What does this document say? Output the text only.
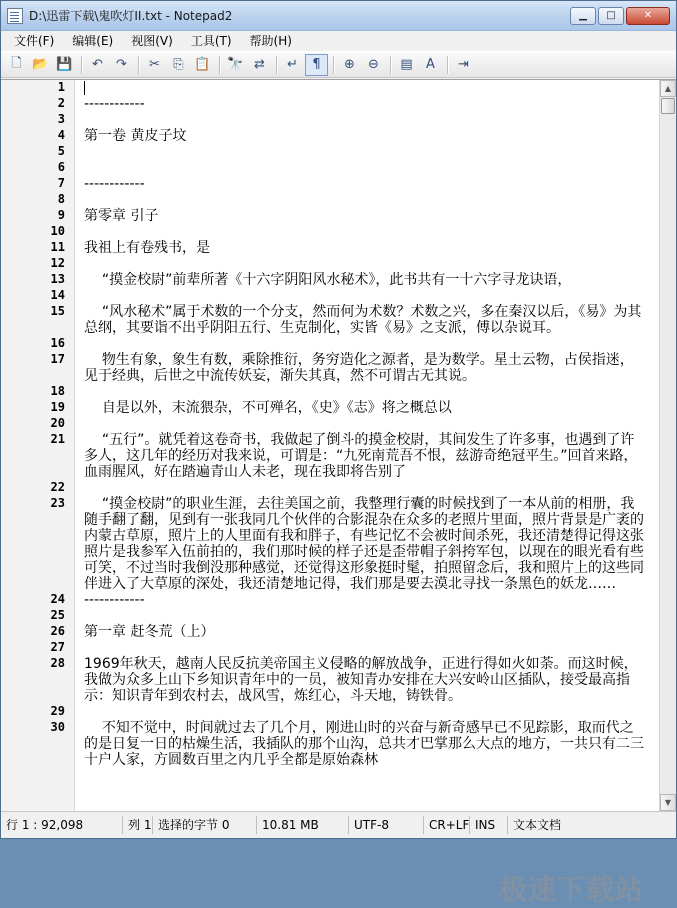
D:\迅雷下载\鬼吹灯II.txt - Notepad2	▁	□	✕
文件(F)	编辑(E)	视图(V)	工具(T)	帮助(H)
🗋 📂 💾	↶	↷	✂	⎘ 📋 🔭 ⇄	↵	¶	⊕	⊖	▤	A	⇥
1
2 ------------
3
4 第一卷 黄皮子坟
5
6
7 ------------
8
9 第零章 引子
10
11 我祖上有卷残书，是
12
13 “摸金校尉”前辈所著《十六字阴阳风水秘术》，此书共有一十六字寻龙诀语，
14
15 “风水秘术”属于术数的一个分支，然而何为术数？术数之兴，多在秦汉以后，《易》为其总纲，其要诣不出乎阴阳五行、生克制化，实皆《易》之支派，傅以杂说耳。
16
17 物生有象，象生有数，乘除推衍，务穷造化之源者，是为数学。星土云物，占侯指迷，见于经典，后世之中流传妖妄，渐失其真，然不可谓古无其说。
18
19 自是以外，末流猥杂，不可殚名，《史》《志》将之概总以
20
21 “五行”。就凭着这卷奇书，我做起了倒斗的摸金校尉，其间发生了许多事，也遇到了许多人，这几年的经历对我来说，可谓是：“九死南荒吾不恨，兹游奇绝冠平生。”回首来路，血雨腥风，好在踏遍青山人未老，现在我即将告别了
22
23 “摸金校尉”的职业生涯，去往美国之前，我整理行囊的时候找到了一本从前的相册，我随手翻了翻，见到有一张我同几个伙伴的合影混杂在众多的老照片里面，照片背景是广袤的内蒙古草原，照片上的人里面有我和胖子，有些记忆不会被时间杀死，我还清楚得记得这张照片是我参军入伍前拍的，我们那时候的样子还是歪带帽子斜挎军包，以现在的眼光看有些可笑，不过当时我倒没那种感觉，还觉得这形象挺时髦，拍照留念后，我和照片上的这些同伴进入了大草原的深处，我还清楚地记得，我们那是要去漠北寻找一条黑色的妖龙……
24 ------------
25
26 第一章 赶冬荒（上）
27
28 1969年秋天，越南人民反抗美帝国主义侵略的解放战争，正进行得如火如荼。而这时候，我做为众多上山下乡知识青年中的一员，被知青办安排在大兴安岭山区插队，接受最高指示：知识青年到农村去，战风雪，炼红心，斗天地，铸铁骨。
29
30 不知不觉中，时间就过去了几个月，刚进山时的兴奋与新奇感早已不见踪影，取而代之的是日复一日的枯燥生活，我插队的那个山沟，总共才巴掌那么大点的地方，一共只有二三十户人家，方圆数百里之内几乎全都是原始森林
▲
▼
极速下载站
行 1 : 92,098	列 1 选择的字节 0	10.81 MB	UTF-8	CR+LF INS	文本文档
